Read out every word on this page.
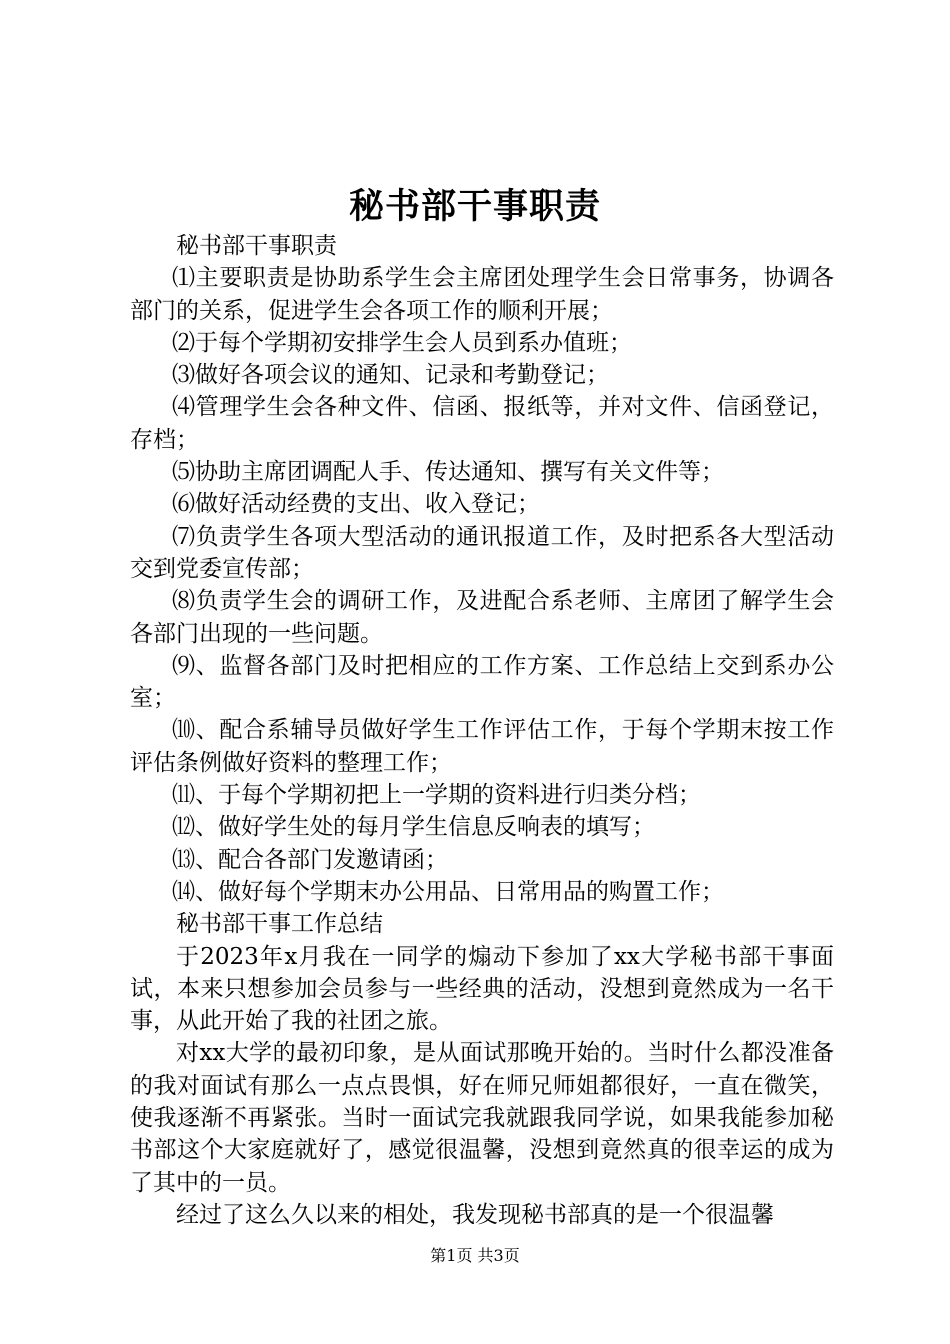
秘书部干事职责

秘书部干事职责

⑴主要职责是协助系学生会主席团处理学生会日常事务，协调各部门的关系，促进学生会各项工作的顺利开展；

⑵于每个学期初安排学生会人员到系办值班；

⑶做好各项会议的通知、记录和考勤登记；

⑷管理学生会各种文件、信函、报纸等，并对文件、信函登记，存档；

⑸协助主席团调配人手、传达通知、撰写有关文件等；

⑹做好活动经费的支出、收入登记；

⑺负责学生各项大型活动的通讯报道工作，及时把系各大型活动交到党委宣传部；

⑻负责学生会的调研工作，及进配合系老师、主席团了解学生会各部门出现的一些问题。

⑼、监督各部门及时把相应的工作方案、工作总结上交到系办公室；

⑽、配合系辅导员做好学生工作评估工作，于每个学期末按工作评估条例做好资料的整理工作；

⑾、于每个学期初把上一学期的资料进行归类分档；

⑿、做好学生处的每月学生信息反响表的填写；

⒀、配合各部门发邀请函；

⒁、做好每个学期末办公用品、日常用品的购置工作；

秘书部干事工作总结

于2023年x月我在一同学的煽动下参加了xx大学秘书部干事面试，本来只想参加会员参与一些经典的活动，没想到竟然成为一名干事，从此开始了我的社团之旅。

对xx大学的最初印象，是从面试那晚开始的。当时什么都没准备的我对面试有那么一点点畏惧，好在师兄师姐都很好，一直在微笑，使我逐渐不再紧张。当时一面试完我就跟我同学说，如果我能参加秘书部这个大家庭就好了，感觉很温馨，没想到竟然真的很幸运的成为了其中的一员。

经过了这么久以来的相处，我发现秘书部真的是一个很温馨

第1页 共3页
